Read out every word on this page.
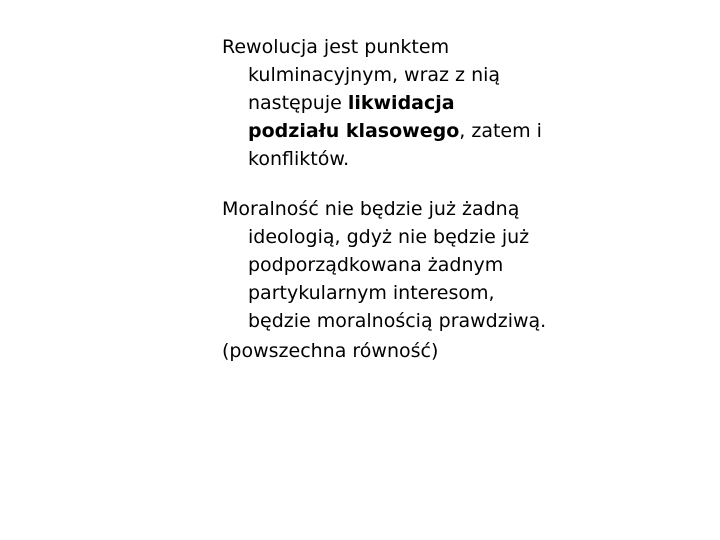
Rewolucja jest punktem kulminacyjnym, wraz z nią następuje likwidacja podziału klasowego, zatem i konfliktów.

Moralność nie będzie już żadną ideologią, gdyż nie będzie już podporządkowana żadnym partykularnym interesom, będzie moralnością prawdziwą.

(powszechna równość)
